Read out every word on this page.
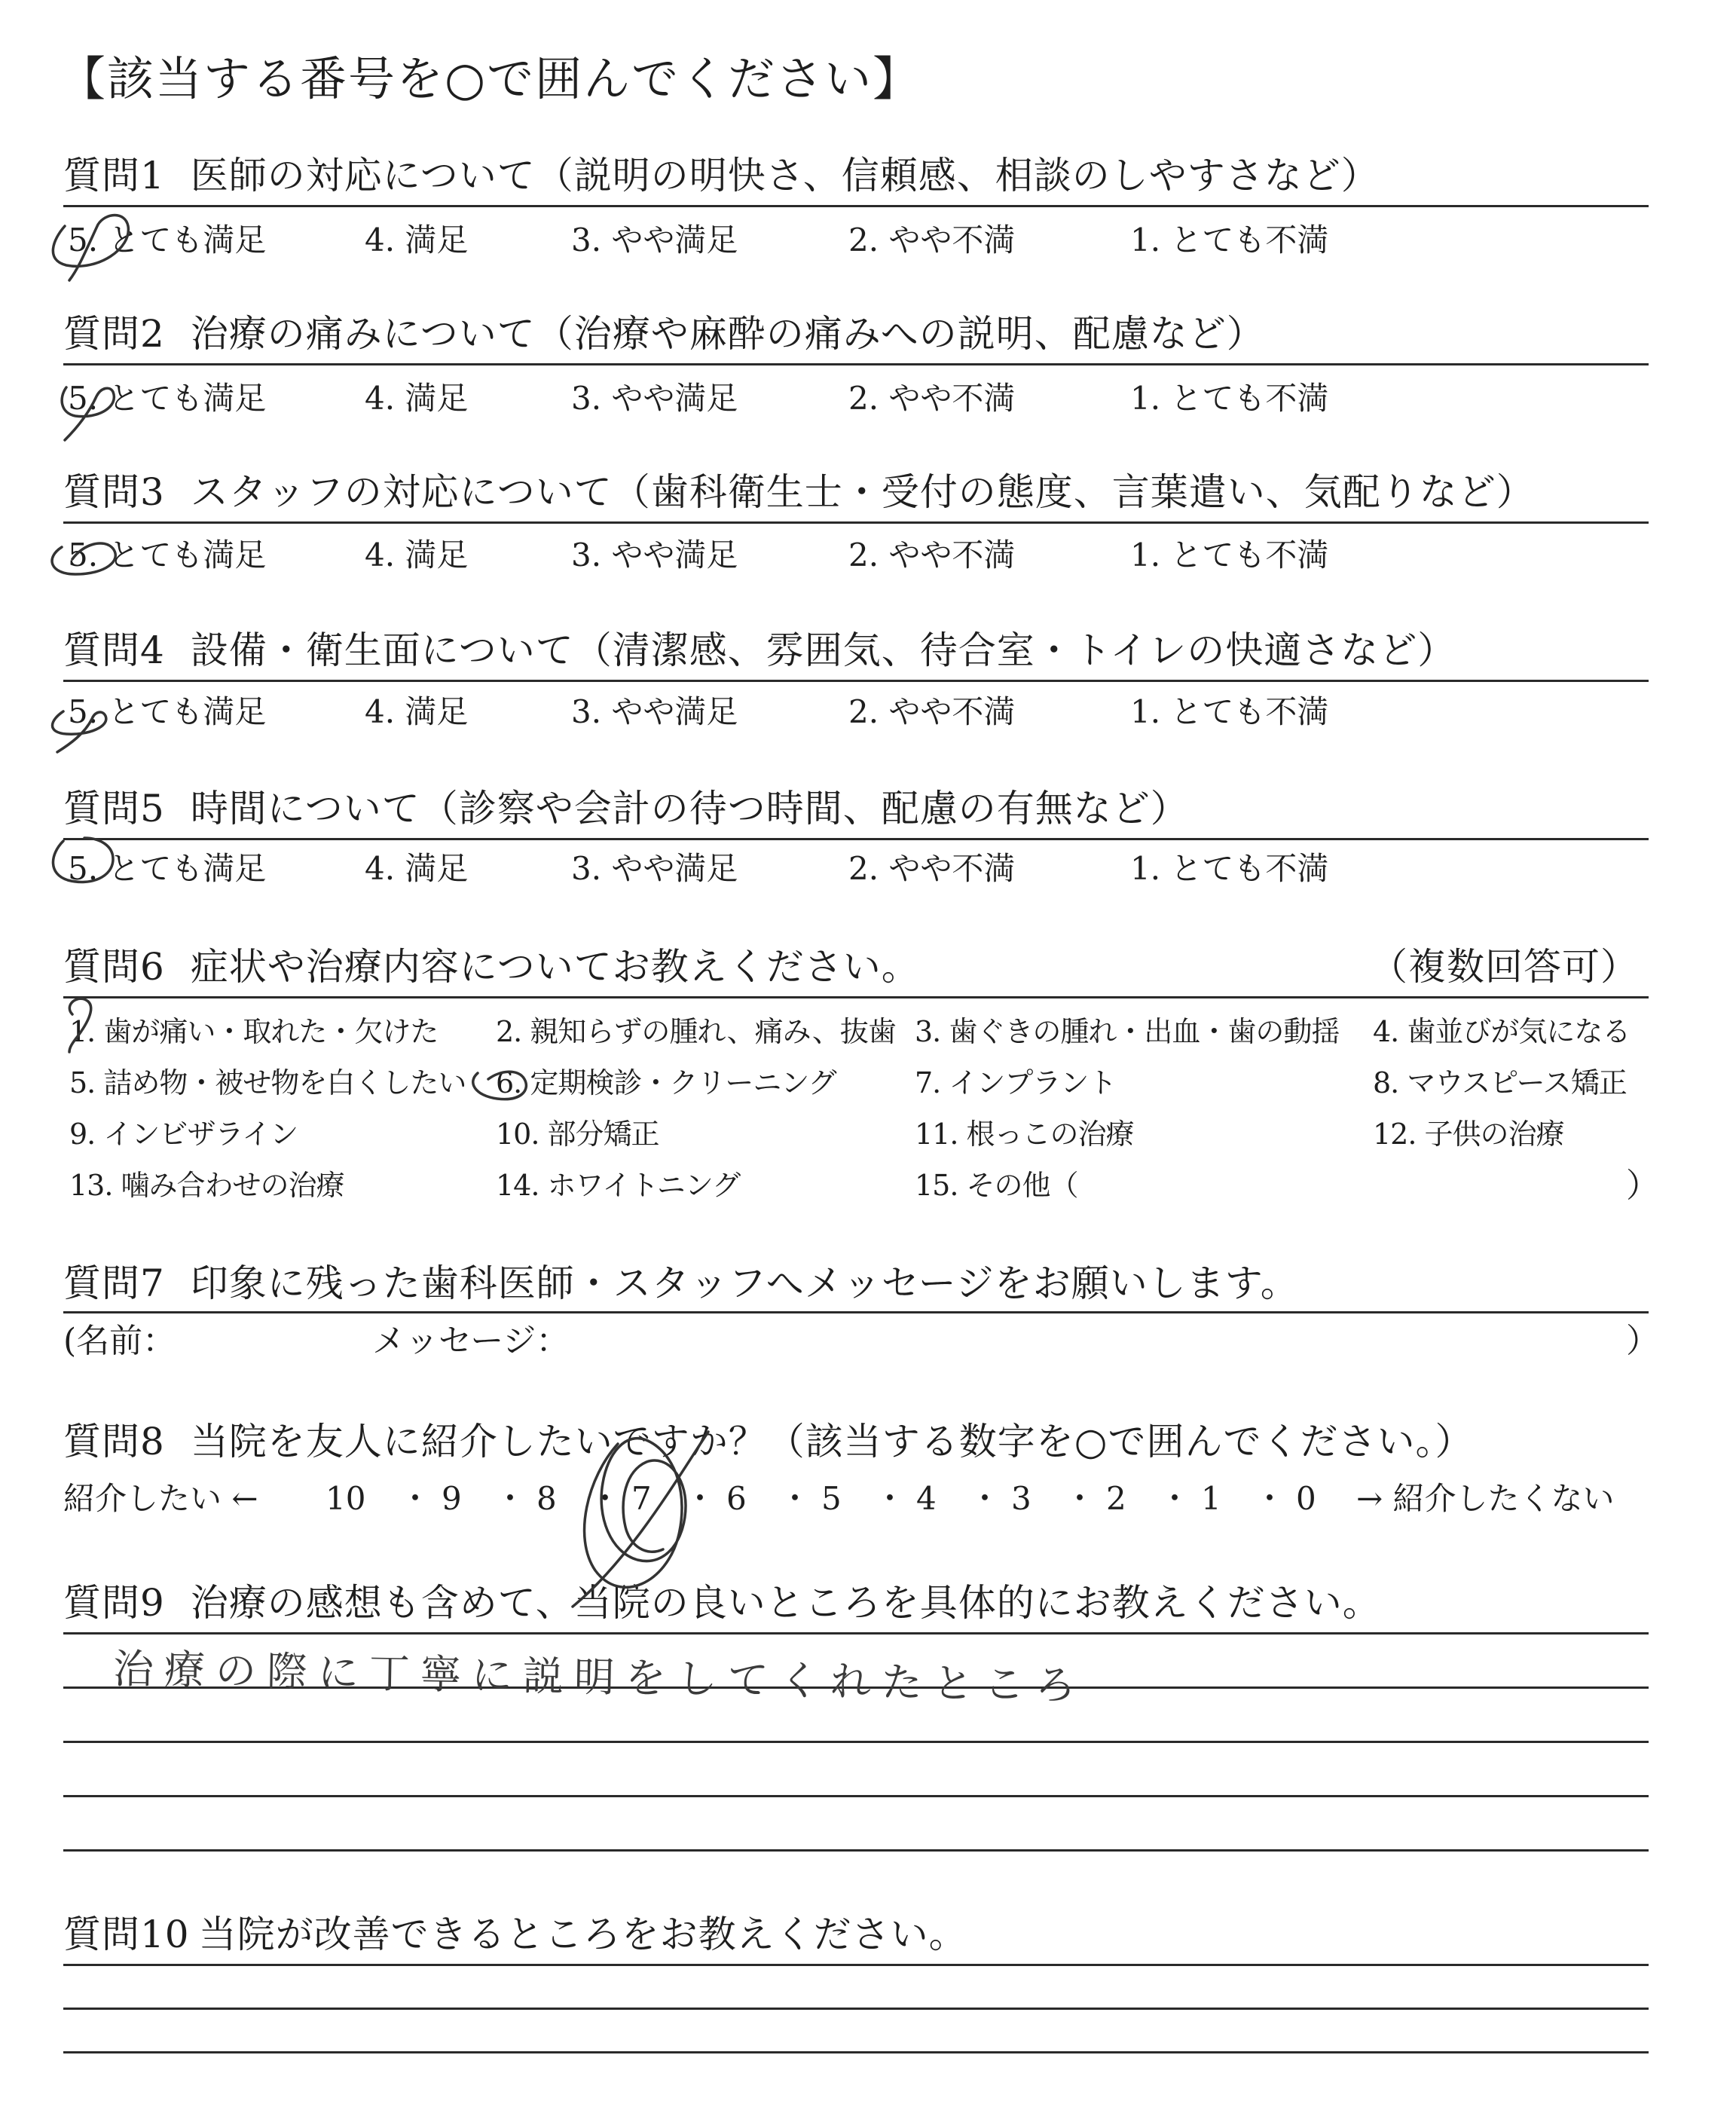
【該当する番号を○で囲んでください】
質問1 医師の対応について（説明の明快さ、信頼感、相談のしやすさなど）
5. とても満足	4. 満足	3. やや満足	2. やや不満	1. とても不満
質問2 治療の痛みについて（治療や麻酔の痛みへの説明、配慮など）
5. とても満足	4. 満足	3. やや満足	2. やや不満	1. とても不満
質問3 スタッフの対応について（歯科衛生士・受付の態度、言葉遣い、気配りなど）
5. とても満足	4. 満足	3. やや満足	2. やや不満	1. とても不満
質問4 設備・衛生面について（清潔感、雰囲気、待合室・トイレの快適さなど）
5. とても満足	4. 満足	3. やや満足	2. やや不満	1. とても不満
質問5 時間について（診察や会計の待つ時間、配慮の有無など）
5. とても満足	4. 満足	3. やや満足	2. やや不満	1. とても不満
質問6 症状や治療内容についてお教えください。	（複数回答可）
1. 歯が痛い・取れた・欠けた 2. 親知らずの腫れ、痛み、抜歯 3. 歯ぐきの腫れ・出血・歯の動揺 4. 歯並びが気になる
5. 詰め物・被せ物を白くしたい 6. 定期検診・クリーニング	7. インプラント	8. マウスピース矯正
9. インビザライン	10. 部分矯正	11. 根っこの治療	12. 子供の治療
13. 噛み合わせの治療	14. ホワイトニング	15. その他（	）
質問7 印象に残った歯科医師・スタッフへメッセージをお願いします。
(名前：	メッセージ：	）
質問8 当院を友人に紹介したいですか？（該当する数字を○で囲んでください。）
紹介したい ← 10 ・ 9 ・ 8 ・ 7 ・ 6 ・ 5 ・ 4 ・ 3 ・ 2 ・ 1 ・ 0 → 紹介したくない
質問9 治療の感想も含めて、当院の良いところを具体的にお教えください。
治療の際に丁寧に説明をしてくれたところ
質問10 当院が改善できるところをお教えください。
